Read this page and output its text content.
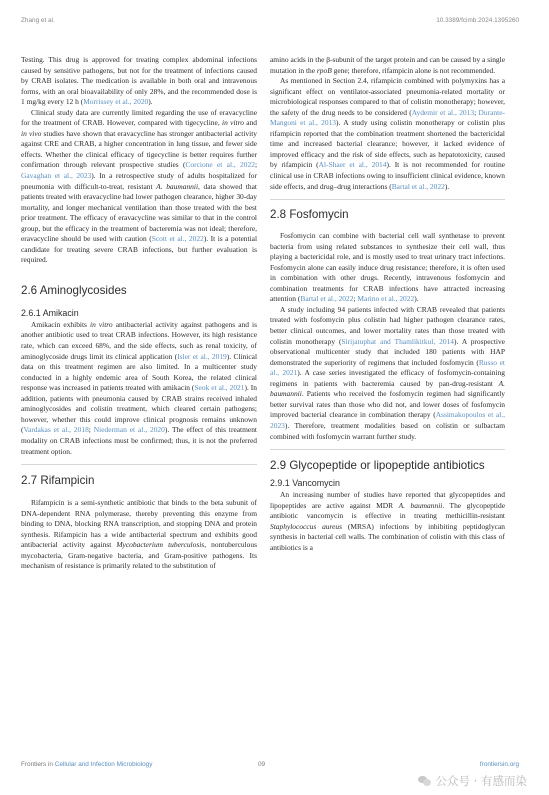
Zhang et al.	10.3389/fcimb.2024.1395260

Testing. This drug is approved for treating complex abdominal infections caused by sensitive pathogens, but not for the treatment of infections caused by CRAB isolates. The medication is available in both oral and intravenous forms, with an oral bioavailability of only 28%, and the recommended dose is 1 mg/kg every 12 h (Morrissey et al., 2020).

Clinical study data are currently limited regarding the use of eravacycline for the treatment of CRAB. However, compared with tigecycline, in vitro and in vivo studies have shown that eravacycline has stronger antibacterial activity against CRE and CRAB, a higher concentration in lung tissue, and fewer side effects. Whether the clinical efficacy of tigecycline is better requires further confirmation through relevant prospective studies (Corcione et al., 2022; Gavaghan et al., 2023). In a retrospective study of adults hospitalized for pneumonia with difficult-to-treat, resistant A. baumannii, data showed that patients treated with eravacycline had lower pathogen clearance, higher 30-day mortality, and longer mechanical ventilation than those treated with the best prior treatment. The efficacy of eravacycline was similar to that in the control group, but the efficacy in the treatment of bacteremia was not ideal; therefore, eravacycline should be used with caution (Scott et al., 2022). It is a potential candidate for treating severe CRAB infections, but further evaluation is required.

2.6 Aminoglycosides
2.6.1 Amikacin

Amikacin exhibits in vitro antibacterial activity against pathogens and is another antibiotic used to treat CRAB infections. However, its high resistance rate, which can exceed 68%, and the side effects, such as renal toxicity, of aminoglycoside drugs limit its clinical application (Isler et al., 2019). Clinical data on this treatment regimen are also limited. In a multicenter study conducted in a highly endemic area of South Korea, the related clinical response was increased in patients treated with amikacin (Seok et al., 2021). In addition, patients with pneumonia caused by CRAB strains received inhaled aminoglycosides and colistin treatment, which cleared certain pathogens; however, whether this could improve clinical prognosis remains unknown (Vardakas et al., 2018; Niederman et al., 2020). The effect of this treatment modality on CRAB infections must be confirmed; thus, it is not the preferred treatment option.

2.7 Rifampicin

Rifampicin is a semi-synthetic antibiotic that binds to the beta subunit of DNA-dependent RNA polymerase, thereby preventing this enzyme from binding to DNA, blocking RNA transcription, and stopping DNA and protein synthesis. Rifampicin has a wide antibacterial spectrum and exhibits good antibacterial activity against Mycobacterium tuberculosis, nontuberculous mycobacteria, Gram-negative bacteria, and Gram-positive pathogens. Its mechanism of resistance is primarily related to the substitution of

amino acids in the β-subunit of the target protein and can be caused by a single mutation in the rpoB gene; therefore, rifampicin alone is not recommended.

As mentioned in Section 2.4, rifampicin combined with polymyxins has a significant effect on ventilator-associated pneumonia-related mortality or microbiological responses compared to that of colistin monotherapy; however, the safety of the drug needs to be considered (Aydemir et al., 2013; Durante-Mangoni et al., 2013). A study using colistin monotherapy or colistin plus rifampicin reported that the combination treatment shortened the bactericidal time and increased bacterial clearance; however, it lacked evidence of improved efficacy and the risk of side effects, such as hepatotoxicity, caused by rifampicin (Al-Shaer et al., 2014). It is not recommended for routine clinical use in CRAB infections owing to insufficient clinical evidence, known side effects, and drug–drug interactions (Bartal et al., 2022).

2.8 Fosfomycin

Fosfomycin can combine with bacterial cell wall synthetase to prevent bacteria from using related substances to synthesize their cell wall, thus playing a bactericidal role, and is mostly used to treat urinary tract infections. Fosfomycin alone can easily induce drug resistance; therefore, it is often used in combination with other drugs. Recently, intravenous fosfomycin and combination treatments for CRAB infections have attracted increasing attention (Bartal et al., 2022; Marino et al., 2022).

A study including 94 patients infected with CRAB revealed that patients treated with fosfomycin plus colistin had higher pathogen clearance rates, better clinical outcomes, and lower mortality rates than those treated with colistin monotherapy (Sirijatuphat and Thamlikitkul, 2014). A prospective observational multicenter study that included 180 patients with HAP demonstrated the superiority of regimens that included fosfomycin (Russo et al., 2021). A case series investigated the efficacy of fosfomycin-containing regimens in patients with bacteremia caused by pan-drug-resistant A. baumannii. Patients who received the fosfomycin regimen had significantly better survival rates than those who did not, and lower doses of fosfomycin improved bacterial clearance in combination therapy (Assimakopoulos et al., 2023). Therefore, treatment modalities based on colistin or sulbactam combined with fosfomycin warrant further study.

2.9 Glycopeptide or lipopeptide antibiotics
2.9.1 Vancomycin

An increasing number of studies have reported that glycopeptides and lipopeptides are active against MDR A. baumannii. The glycopeptide antibiotic vancomycin is effective in treating methicillin-resistant Staphylococcus aureus (MRSA) infections by inhibiting peptidoglycan synthesis in bacterial cell walls. The combination of colistin with this class of antibiotics is a

Frontiers in Cellular and Infection Microbiology	09	frontiersin.org
公众号 · 有感而染
